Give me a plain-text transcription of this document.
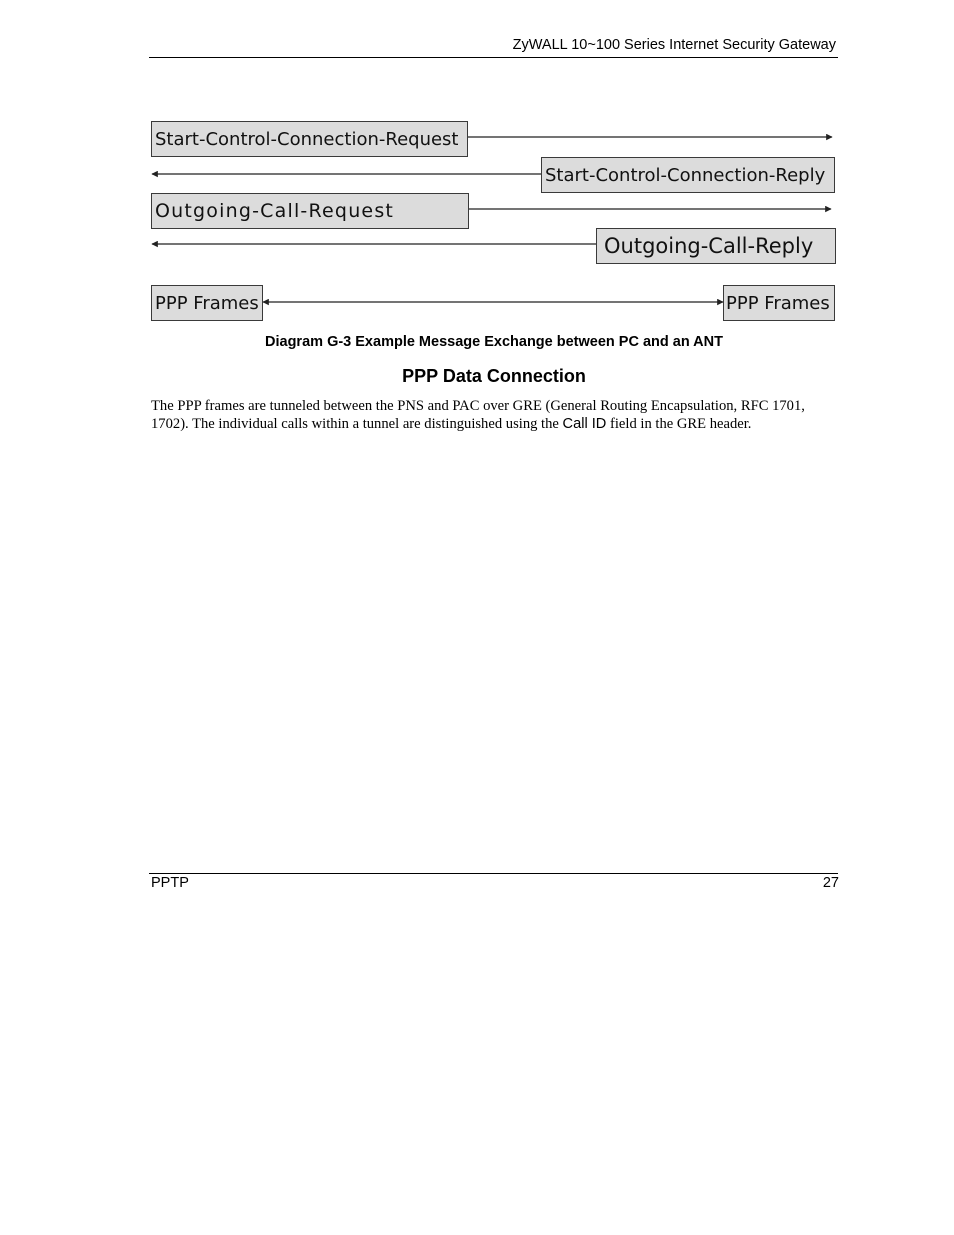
ZyWALL 10~100 Series Internet Security Gateway
Start-Control-Connection-Request
Start-Control-Connection-Reply
Outgoing-Call-Request
Outgoing-Call-Reply
PPP Frames	PPP Frames
Diagram G-3 Example Message Exchange between PC and an ANT
PPP Data Connection
The PPP frames are tunneled between the PNS and PAC over GRE (General Routing Encapsulation, RFC 1701, 1702). The individual calls within a tunnel are distinguished using the Call ID field in the GRE header.
PPTP	27
